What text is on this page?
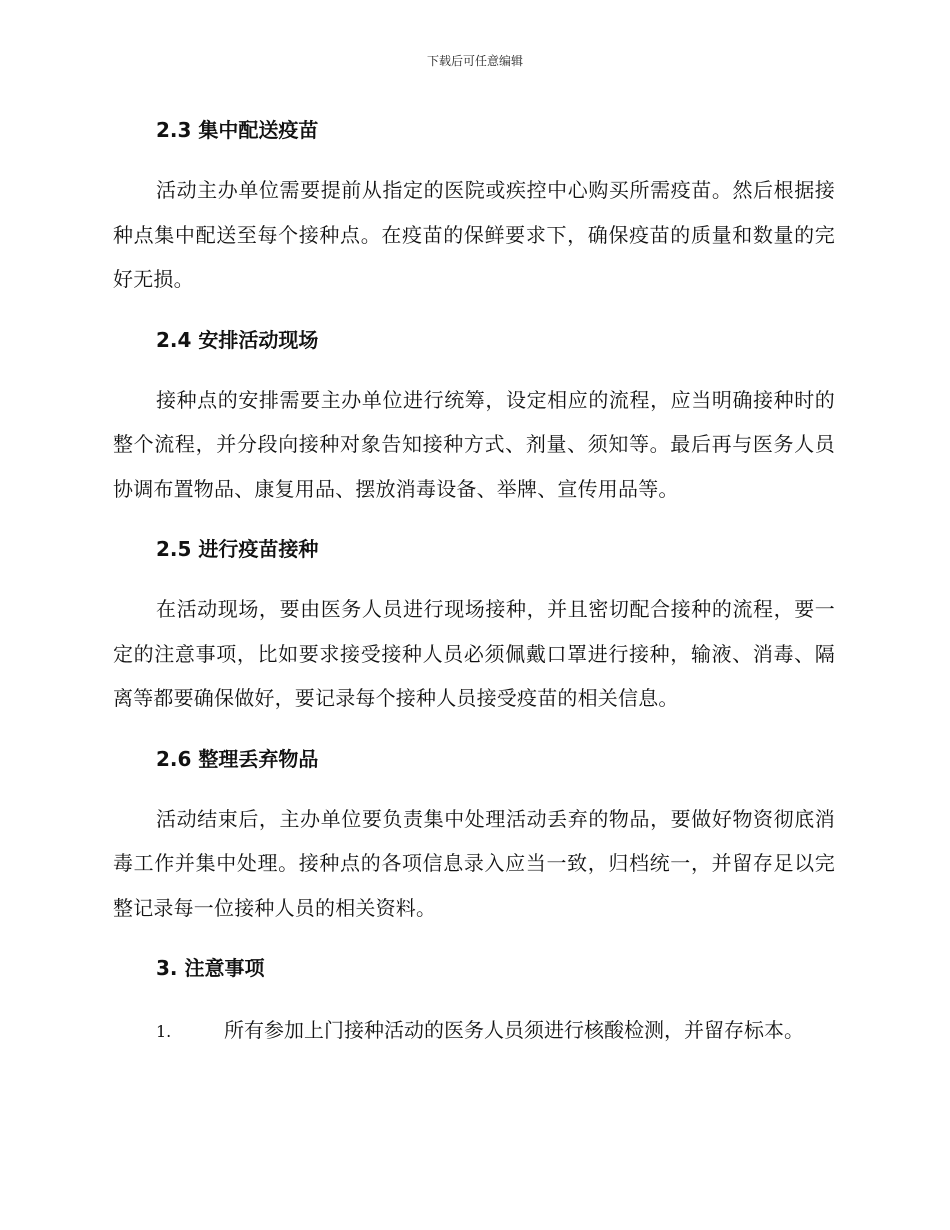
下载后可任意编辑
2.3 集中配送疫苗

活动主办单位需要提前从指定的医院或疾控中心购买所需疫苗。然后根据接种点集中配送至每个接种点。在疫苗的保鲜要求下，确保疫苗的质量和数量的完好无损。

2.4 安排活动现场

接种点的安排需要主办单位进行统筹，设定相应的流程，应当明确接种时的整个流程，并分段向接种对象告知接种方式、剂量、须知等。最后再与医务人员协调布置物品、康复用品、摆放消毒设备、举牌、宣传用品等。

2.5 进行疫苗接种

在活动现场，要由医务人员进行现场接种，并且密切配合接种的流程，要一定的注意事项，比如要求接受接种人员必须佩戴口罩进行接种，输液、消毒、隔离等都要确保做好，要记录每个接种人员接受疫苗的相关信息。

2.6 整理丢弃物品

活动结束后，主办单位要负责集中处理活动丢弃的物品，要做好物资彻底消毒工作并集中处理。接种点的各项信息录入应当一致，归档统一，并留存足以完整记录每一位接种人员的相关资料。

3. 注意事项

1.	所有参加上门接种活动的医务人员须进行核酸检测，并留存标本。
